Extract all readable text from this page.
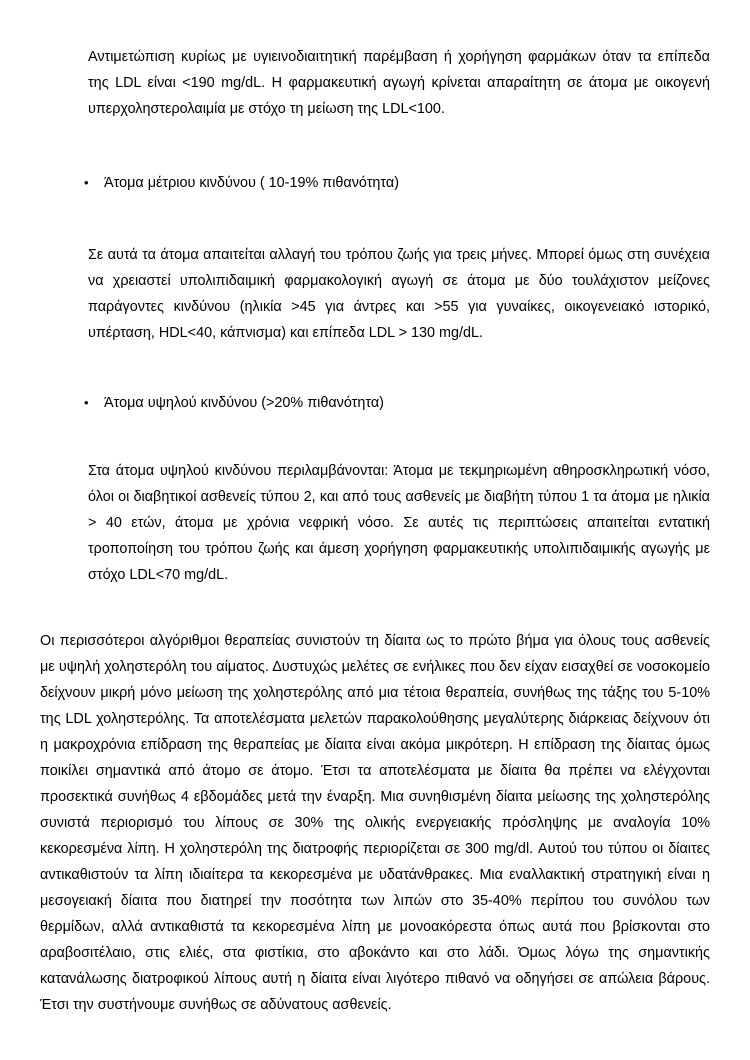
Αντιμετώπιση κυρίως με υγιεινοδιαιτητική παρέμβαση ή χορήγηση φαρμάκων όταν τα επίπεδα της LDL είναι <190 mg/dL. Η φαρμακευτική αγωγή κρίνεται απαραίτητη σε άτομα με οικογενή υπερχοληστερολαιμία με στόχο τη μείωση της LDL<100.

•	Άτομα μέτριου κινδύνου ( 10-19% πιθανότητα)

Σε αυτά τα άτομα απαιτείται αλλαγή του τρόπου ζωής για τρεις μήνες. Μπορεί όμως στη συνέχεια να χρειαστεί υπολιπιδαιμική φαρμακολογική αγωγή σε άτομα με δύο τουλάχιστον μείζονες παράγοντες κινδύνου (ηλικία >45 για άντρες και >55 για γυναίκες, οικογενειακό ιστορικό, υπέρταση, HDL<40, κάπνισμα) και επίπεδα LDL > 130 mg/dL.

•	Άτομα υψηλού κινδύνου (>20% πιθανότητα)

Στα άτομα υψηλού κινδύνου περιλαμβάνονται: Άτομα με τεκμηριωμένη αθηροσκληρωτική νόσο, όλοι οι διαβητικοί ασθενείς τύπου 2, και από τους ασθενείς με διαβήτη τύπου 1 τα άτομα με ηλικία > 40 ετών, άτομα με χρόνια νεφρική νόσο. Σε αυτές τις περιπτώσεις απαιτείται εντατική τροποποίηση του τρόπου ζωής και άμεση χορήγηση φαρμακευτικής υπολιπιδαιμικής αγωγής με στόχο LDL<70 mg/dL.

Οι περισσότεροι αλγόριθμοι θεραπείας συνιστούν τη δίαιτα ως το πρώτο βήμα για όλους τους ασθενείς με υψηλή χοληστερόλη του αίματος. Δυστυχώς μελέτες σε ενήλικες που δεν είχαν εισαχθεί σε νοσοκομείο δείχνουν μικρή μόνο μείωση της χοληστερόλης από μια τέτοια θεραπεία, συνήθως της τάξης του 5-10% της LDL χοληστερόλης. Τα αποτελέσματα μελετών παρακολούθησης μεγαλύτερης διάρκειας δείχνουν ότι η μακροχρόνια επίδραση της θεραπείας με δίαιτα είναι ακόμα μικρότερη. Η επίδραση της δίαιτας όμως ποικίλει σημαντικά από άτομο σε άτομο. Έτσι τα αποτελέσματα με δίαιτα θα πρέπει να ελέγχονται προσεκτικά συνήθως 4 εβδομάδες μετά την έναρξη. Μια συνηθισμένη δίαιτα μείωσης της χοληστερόλης συνιστά περιορισμό του λίπους σε 30% της ολικής ενεργειακής πρόσληψης με αναλογία 10% κεκορεσμένα λίπη. Η χοληστερόλη της διατροφής περιορίζεται σε 300 mg/dl. Αυτού του τύπου οι δίαιτες αντικαθιστούν τα λίπη ιδιαίτερα τα κεκορεσμένα με υδατάνθρακες. Μια εναλλακτική στρατηγική είναι η μεσογειακή δίαιτα που διατηρεί την ποσότητα των λιπών στο 35-40% περίπου του συνόλου των θερμίδων, αλλά αντικαθιστά τα κεκορεσμένα λίπη με μονοακόρεστα όπως αυτά που βρίσκονται στο αραβοσιτέλαιο, στις ελιές, στα φιστίκια, στο αβοκάντο και στο λάδι. Όμως λόγω της σημαντικής κατανάλωσης διατροφικού λίπους αυτή η δίαιτα είναι λιγότερο πιθανό να οδηγήσει σε απώλεια βάρους. Έτσι την συστήνουμε συνήθως σε αδύνατους ασθενείς.
